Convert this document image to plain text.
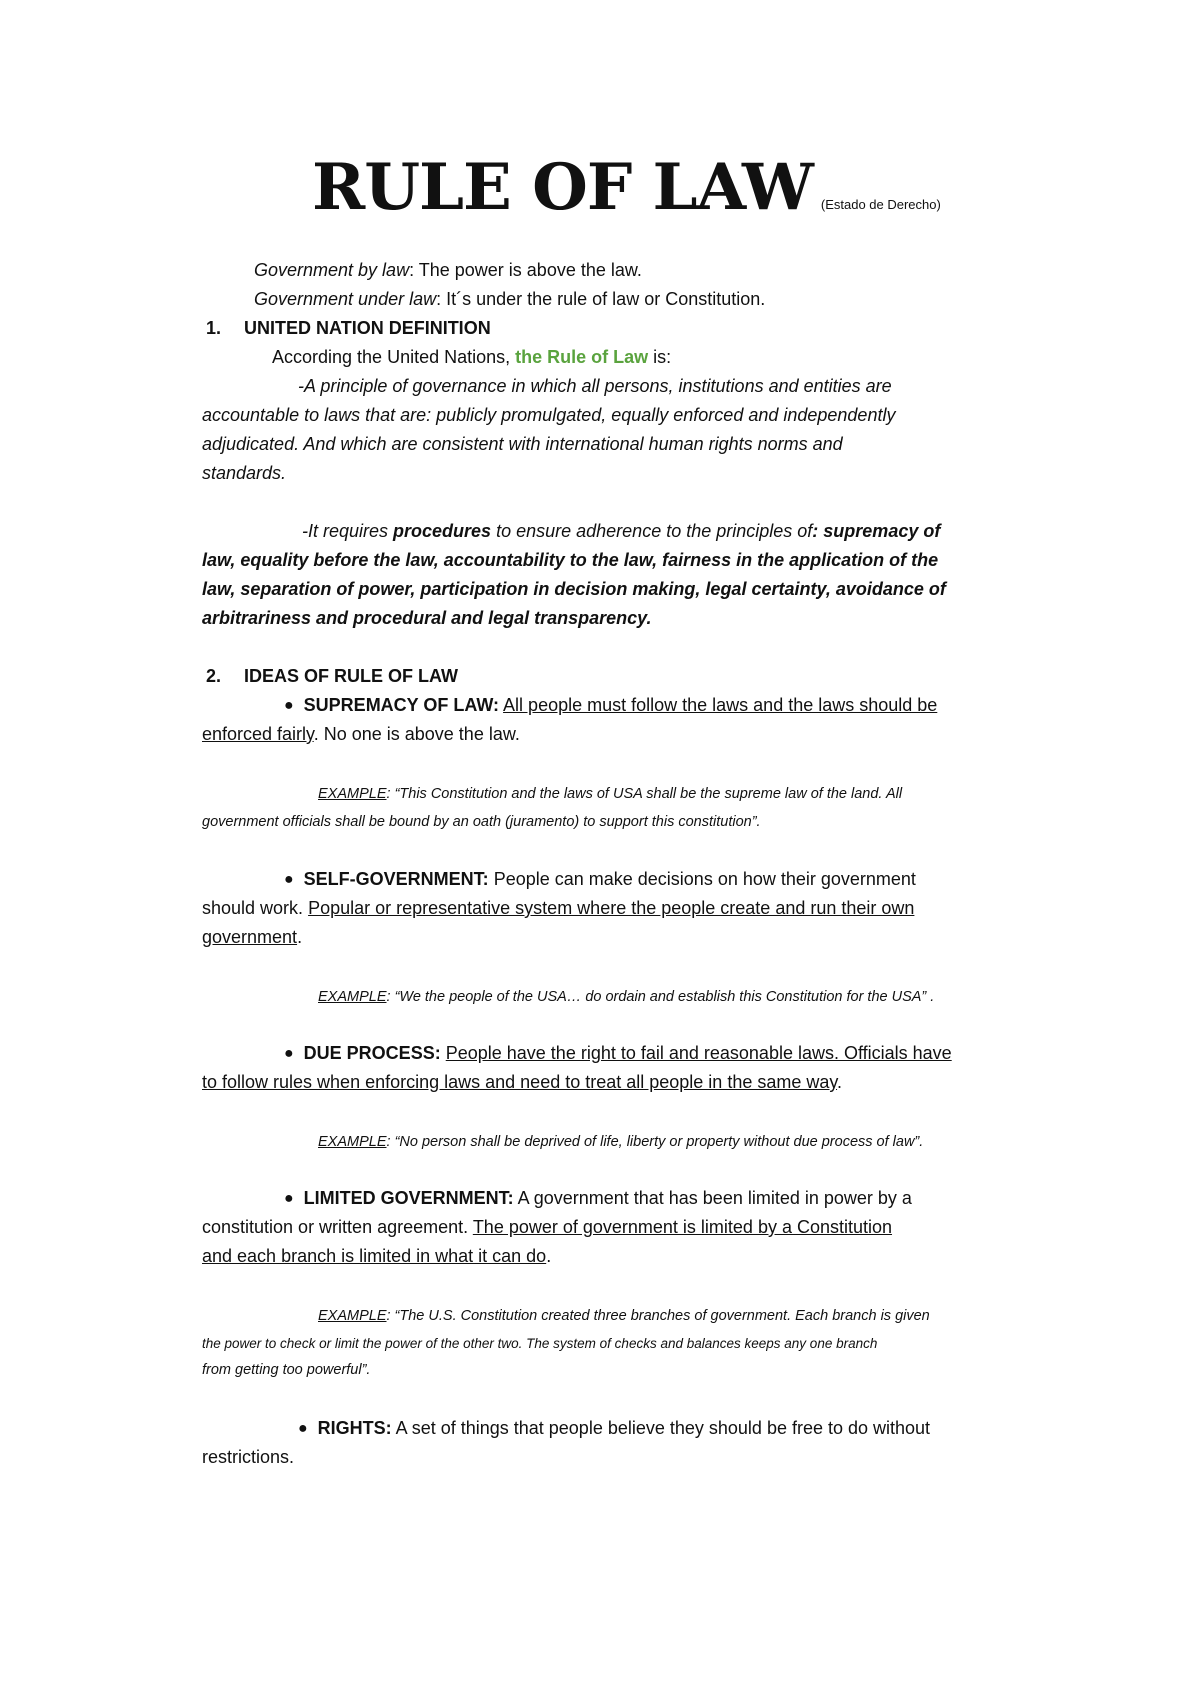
RULE OF LAW (Estado de Derecho)
Government by law: The power is above the law.
Government under law: It´s under the rule of law or Constitution.
1. UNITED NATION DEFINITION
According the United Nations, the Rule of Law is:
-A principle of governance in which all persons, institutions and entities are
accountable to laws that are: publicly promulgated, equally enforced and independently
adjudicated. And which are consistent with international human rights norms and
standards.
-It requires procedures to ensure adherence to the principles of: supremacy of
law, equality before the law, accountability to the law, fairness in the application of the
law, separation of power, participation in decision making, legal certainty, avoidance of
arbitrariness and procedural and legal transparency.
2. IDEAS OF RULE OF LAW
● SUPREMACY OF LAW: All people must follow the laws and the laws should be
enforced fairly. No one is above the law.
EXAMPLE: “This Constitution and the laws of USA shall be the supreme law of the land. All
government officials shall be bound by an oath (juramento) to support this constitution”.
● SELF-GOVERNMENT: People can make decisions on how their government
should work. Popular or representative system where the people create and run their own
government.
EXAMPLE: “We the people of the USA… do ordain and establish this Constitution for the USA” .
● DUE PROCESS: People have the right to fail and reasonable laws. Officials have
to follow rules when enforcing laws and need to treat all people in the same way.
EXAMPLE: “No person shall be deprived of life, liberty or property without due process of law”.
● LIMITED GOVERNMENT: A government that has been limited in power by a
constitution or written agreement. The power of government is limited by a Constitution
and each branch is limited in what it can do.
EXAMPLE: “The U.S. Constitution created three branches of government. Each branch is given
the power to check or limit the power of the other two. The system of checks and balances keeps any one branch
from getting too powerful”.
● RIGHTS: A set of things that people believe they should be free to do without
restrictions.
